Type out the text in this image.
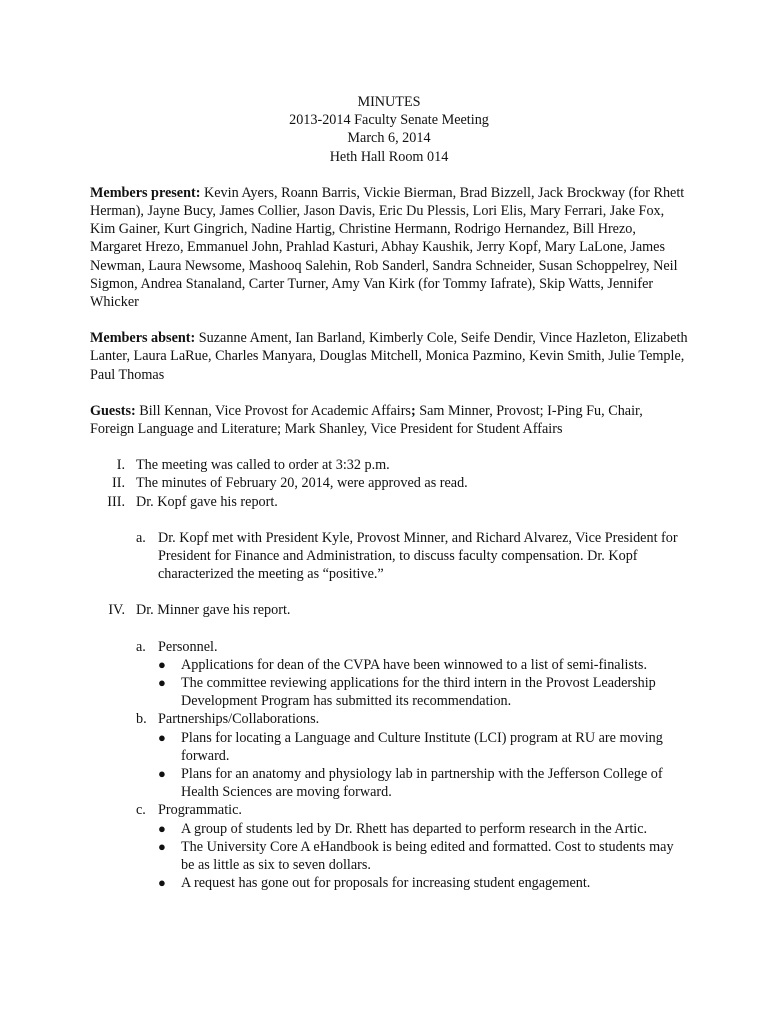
MINUTES
2013-2014 Faculty Senate Meeting
March 6, 2014
Heth Hall Room 014
Members present: Kevin Ayers, Roann Barris, Vickie Bierman, Brad Bizzell, Jack Brockway (for Rhett Herman), Jayne Bucy, James Collier, Jason Davis, Eric Du Plessis, Lori Elis, Mary Ferrari, Jake Fox, Kim Gainer, Kurt Gingrich, Nadine Hartig, Christine Hermann, Rodrigo Hernandez, Bill Hrezo, Margaret Hrezo, Emmanuel John, Prahlad Kasturi, Abhay Kaushik, Jerry Kopf, Mary LaLone, James Newman, Laura Newsome, Mashooq Salehin, Rob Sanderl, Sandra Schneider, Susan Schoppelrey, Neil Sigmon, Andrea Stanaland, Carter Turner, Amy Van Kirk (for Tommy Iafrate), Skip Watts, Jennifer Whicker
Members absent: Suzanne Ament, Ian Barland, Kimberly Cole, Seife Dendir, Vince Hazleton, Elizabeth Lanter, Laura LaRue, Charles Manyara, Douglas Mitchell, Monica Pazmino, Kevin Smith, Julie Temple, Paul Thomas
Guests: Bill Kennan, Vice Provost for Academic Affairs; Sam Minner, Provost; I-Ping Fu, Chair, Foreign Language and Literature; Mark Shanley, Vice President for Student Affairs
I. The meeting was called to order at 3:32 p.m.
II. The minutes of February 20, 2014, were approved as read.
III. Dr. Kopf gave his report.
a. Dr. Kopf met with President Kyle, Provost Minner, and Richard Alvarez, Vice President for President for Finance and Administration, to discuss faculty compensation. Dr. Kopf characterized the meeting as “positive.”
IV. Dr. Minner gave his report.
a. Personnel.
●	Applications for dean of the CVPA have been winnowed to a list of semi-finalists.
●	The committee reviewing applications for the third intern in the Provost Leadership Development Program has submitted its recommendation.
b. Partnerships/Collaborations.
●	Plans for locating a Language and Culture Institute (LCI) program at RU are moving forward.
●	Plans for an anatomy and physiology lab in partnership with the Jefferson College of Health Sciences are moving forward.
c. Programmatic.
●	A group of students led by Dr. Rhett has departed to perform research in the Artic.
●	The University Core A eHandbook is being edited and formatted. Cost to students may be as little as six to seven dollars.
●	A request has gone out for proposals for increasing student engagement.
